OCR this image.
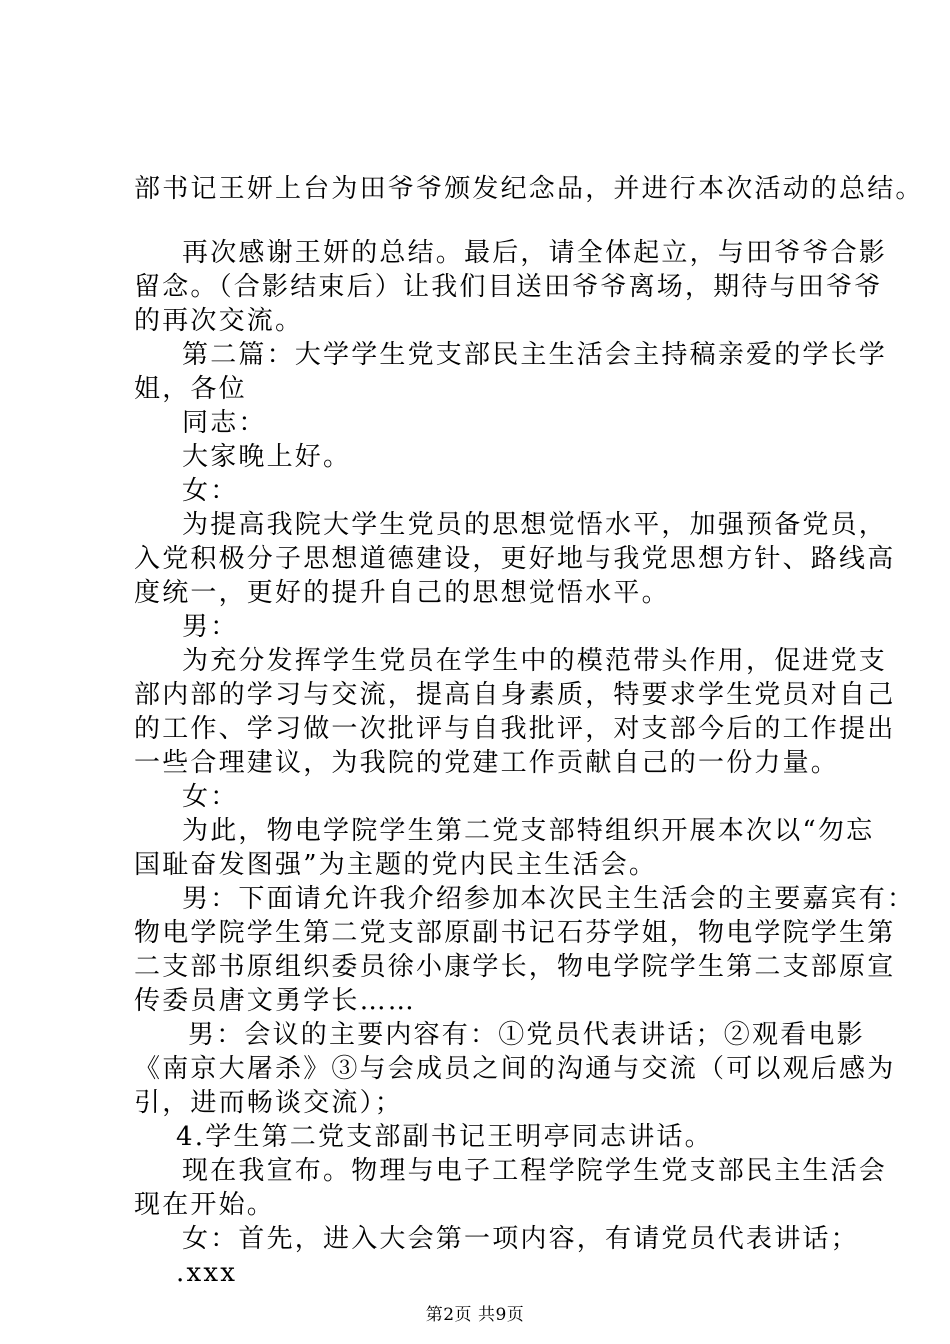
部书记王妍上台为田爷爷颁发纪念品，并进行本次活动的总结。
再次感谢王妍的总结。最后，请全体起立，与田爷爷合影
留念。（合影结束后）让我们目送田爷爷离场，期待与田爷爷
的再次交流。
第二篇：大学学生党支部民主生活会主持稿亲爱的学长学
姐，各位
同志：
大家晚上好。
女：
为提高我院大学生党员的思想觉悟水平，加强预备党员，
入党积极分子思想道德建设，更好地与我党思想方针、路线高
度统一，更好的提升自己的思想觉悟水平。
男：
为充分发挥学生党员在学生中的模范带头作用，促进党支
部内部的学习与交流，提高自身素质，特要求学生党员对自己
的工作、学习做一次批评与自我批评，对支部今后的工作提出
一些合理建议，为我院的党建工作贡献自己的一份力量。
女：
为此，物电学院学生第二党支部特组织开展本次以“勿忘
国耻奋发图强”为主题的党内民主生活会。
男：下面请允许我介绍参加本次民主生活会的主要嘉宾有：
物电学院学生第二党支部原副书记石芬学姐，物电学院学生第
二支部书原组织委员徐小康学长，物电学院学生第二支部原宣
传委员唐文勇学长……
男：会议的主要内容有：①党员代表讲话；②观看电影
《南京大屠杀》③与会成员之间的沟通与交流（可以观后感为
引，进而畅谈交流）；
4.学生第二党支部副书记王明亭同志讲话。
现在我宣布。物理与电子工程学院学生党支部民主生活会
现在开始。
女：首先，进入大会第一项内容，有请党员代表讲话；
.xxx
第2页 共9页
